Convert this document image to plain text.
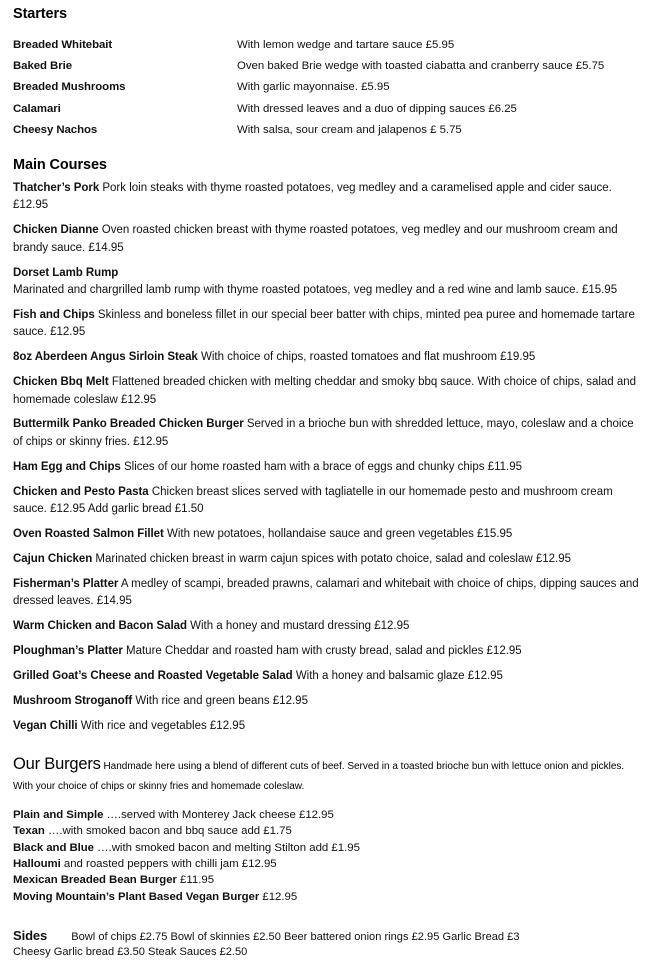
Starters
Breaded Whitebait	With lemon wedge and tartare sauce £5.95
Baked Brie	Oven baked Brie wedge with toasted ciabatta and cranberry sauce £5.75
Breaded Mushrooms	With garlic mayonnaise. £5.95
Calamari	With dressed leaves and a duo of dipping sauces £6.25
Cheesy Nachos	With salsa, sour cream and jalapenos £ 5.75
Main Courses
Thatcher’s Pork Pork loin steaks with thyme roasted potatoes, veg medley and a caramelised apple and cider sauce. £12.95
Chicken Dianne Oven roasted chicken breast with thyme roasted potatoes, veg medley and our mushroom cream and brandy sauce. £14.95
Dorset Lamb Rump
Marinated and chargrilled lamb rump with thyme roasted potatoes, veg medley and a red wine and lamb sauce. £15.95
Fish and Chips Skinless and boneless fillet in our special beer batter with chips, minted pea puree and homemade tartare sauce. £12.95
8oz Aberdeen Angus Sirloin Steak With choice of chips, roasted tomatoes and flat mushroom £19.95
Chicken Bbq Melt Flattened breaded chicken with melting cheddar and smoky bbq sauce. With choice of chips, salad and homemade coleslaw £12.95
Buttermilk Panko Breaded Chicken Burger Served in a brioche bun with shredded lettuce, mayo, coleslaw and a choice of chips or skinny fries. £12.95
Ham Egg and Chips Slices of our home roasted ham with a brace of eggs and chunky chips £11.95
Chicken and Pesto Pasta Chicken breast slices served with tagliatelle in our homemade pesto and mushroom cream sauce. £12.95 Add garlic bread £1.50
Oven Roasted Salmon Fillet With new potatoes, hollandaise sauce and green vegetables £15.95
Cajun Chicken Marinated chicken breast in warm cajun spices with potato choice, salad and coleslaw £12.95
Fisherman’s Platter A medley of scampi, breaded prawns, calamari and whitebait with choice of chips, dipping sauces and dressed leaves. £14.95
Warm Chicken and Bacon Salad With a honey and mustard dressing £12.95
Ploughman’s Platter Mature Cheddar and roasted ham with crusty bread, salad and pickles £12.95
Grilled Goat’s Cheese and Roasted Vegetable Salad With a honey and balsamic glaze £12.95
Mushroom Stroganoff With rice and green beans £12.95
Vegan Chilli With rice and vegetables £12.95
Our Burgers Handmade here using a blend of different cuts of beef. Served in a toasted brioche bun with lettuce onion and pickles. With your choice of chips or skinny fries and homemade coleslaw.
Plain and Simple ….served with Monterey Jack cheese £12.95
Texan ….with smoked bacon and bbq sauce add £1.75
Black and Blue ….with smoked bacon and melting Stilton add £1.95
Halloumi and roasted peppers with chilli jam £12.95
Mexican Breaded Bean Burger £11.95
Moving Mountain’s Plant Based Vegan Burger £12.95
Sides Bowl of chips £2.75 Bowl of skinnies £2.50 Beer battered onion rings £2.95 Garlic Bread £3
Cheesy Garlic bread £3.50 Steak Sauces £2.50
